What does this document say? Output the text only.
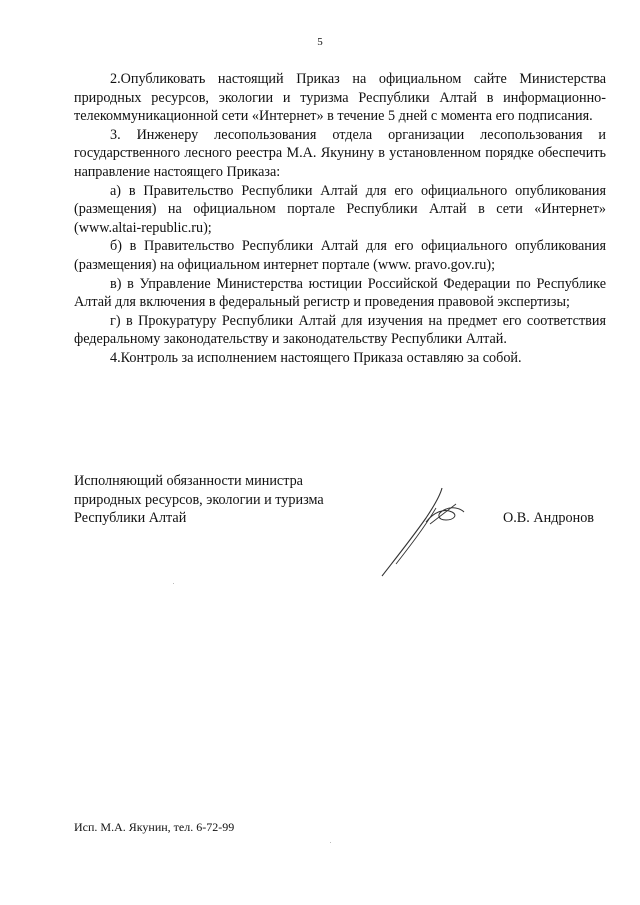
5

2.Опубликовать настоящий Приказ на официальном сайте Министерства природных ресурсов, экологии и туризма Республики Алтай в информационно-телекоммуникационной сети «Интернет» в течение 5 дней с момента его подписания.

3. Инженеру лесопользования отдела организации лесопользования и государственного лесного реестра М.А. Якунину в установленном порядке обеспечить направление настоящего Приказа:

а) в Правительство Республики Алтай для его официального опубликования (размещения) на официальном портале Республики Алтай в сети «Интернет» (www.altai-republic.ru);

б) в Правительство Республики Алтай для его официального опубликования (размещения) на официальном интернет портале (www. pravo.gov.ru);

в) в Управление Министерства юстиции Российской Федерации по Республике Алтай для включения в федеральный регистр и проведения правовой экспертизы;

г) в Прокуратуру Республики Алтай для изучения на предмет его соответствия федеральному законодательству и законодательству Республики Алтай.

4.Контроль за исполнением настоящего Приказа оставляю за собой.

Исполняющий обязанности министра
природных ресурсов, экологии и туризма
Республики Алтай	О.В. Андронов
Исп. М.А. Якунин, тел. 6-72-99
